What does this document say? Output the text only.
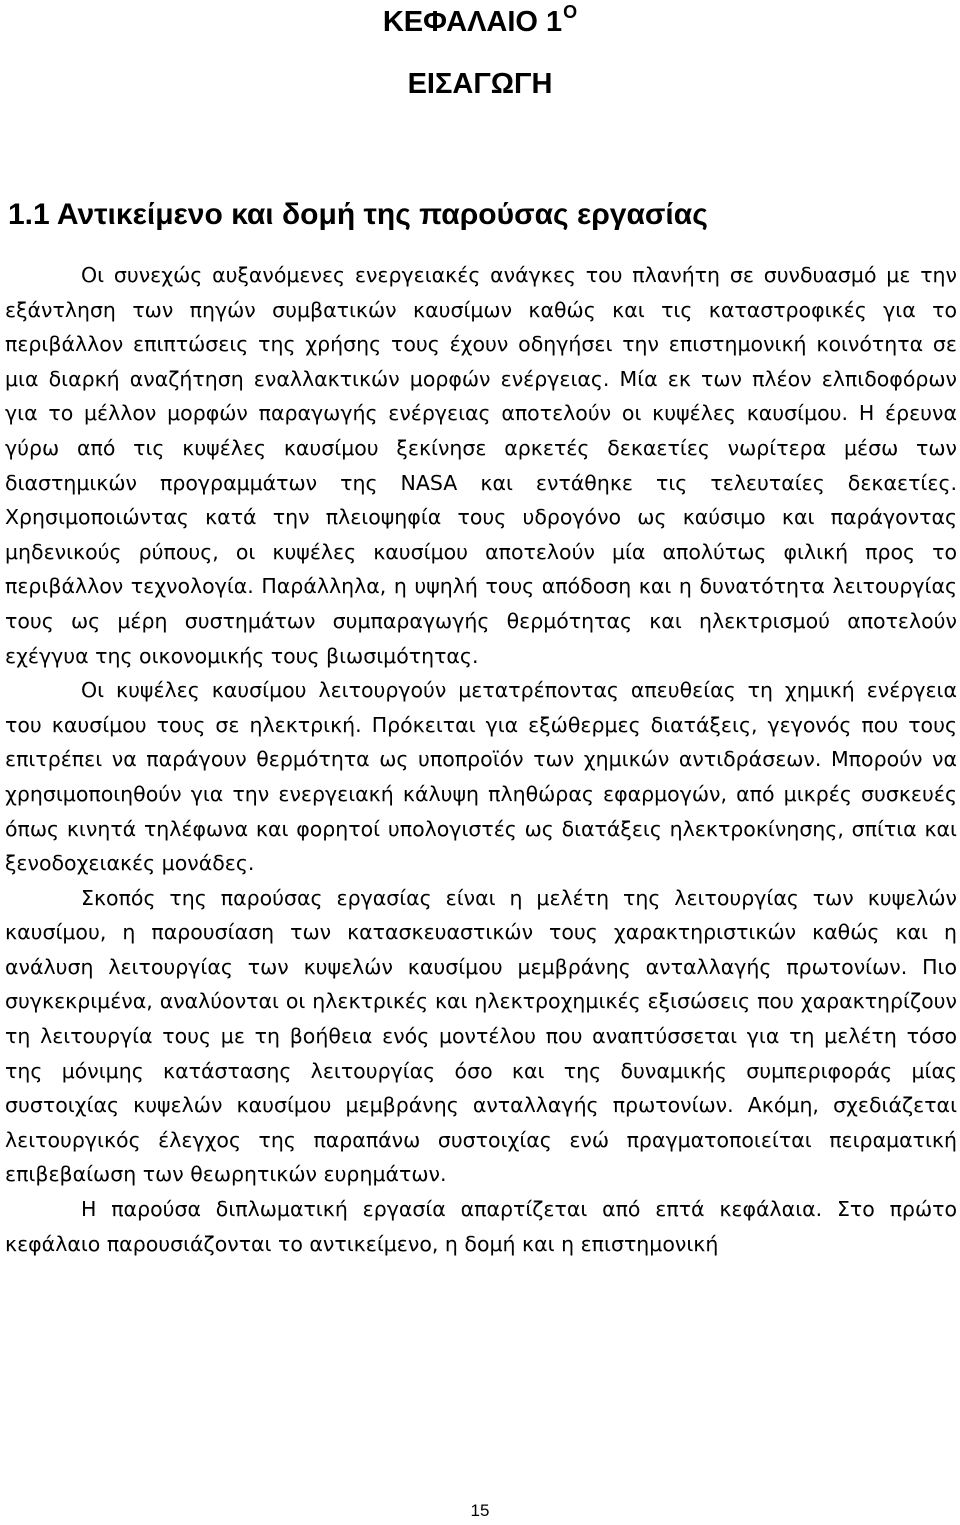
ΚΕΦΑΛΑΙΟ $1^O$
ΕΙΣΑΓΩΓΗ
1.1 Αντικείμενο και δομή της παρούσας εργασίας

Οι συνεχώς αυξανόμενες ενεργειακές ανάγκες του πλανήτη σε συνδυασμό με την εξάντληση των πηγών συμβατικών καυσίμων καθώς και τις καταστροφικές για το περιβάλλον επιπτώσεις της χρήσης τους έχουν οδηγήσει την επιστημονική κοινότητα σε μια διαρκή αναζήτηση εναλλακτικών μορφών ενέργειας. Μία εκ των πλέον ελπιδοφόρων για το μέλλον μορφών παραγωγής ενέργειας αποτελούν οι κυψέλες καυσίμου. Η έρευνα γύρω από τις κυψέλες καυσίμου ξεκίνησε αρκετές δεκαετίες νωρίτερα μέσω των διαστημικών προγραμμάτων της NASA και εντάθηκε τις τελευταίες δεκαετίες. Χρησιμοποιώντας κατά την πλειοψηφία τους υδρογόνο ως καύσιμο και παράγοντας μηδενικούς ρύπους, οι κυψέλες καυσίμου αποτελούν μία απολύτως φιλική προς το περιβάλλον τεχνολογία. Παράλληλα, η υψηλή τους απόδοση και η δυνατότητα λειτουργίας τους ως μέρη συστημάτων συμπαραγωγής θερμότητας και ηλεκτρισμού αποτελούν εχέγγυα της οικονομικής τους βιωσιμότητας.

Οι κυψέλες καυσίμου λειτουργούν μετατρέποντας απευθείας τη χημική ενέργεια του καυσίμου τους σε ηλεκτρική. Πρόκειται για εξώθερμες διατάξεις, γεγονός που τους επιτρέπει να παράγουν θερμότητα ως υποπροϊόν των χημικών αντιδράσεων. Μπορούν να χρησιμοποιηθούν για την ενεργειακή κάλυψη πληθώρας εφαρμογών, από μικρές συσκευές όπως κινητά τηλέφωνα και φορητοί υπολογιστές ως διατάξεις ηλεκτροκίνησης, σπίτια και ξενοδοχειακές μονάδες.

Σκοπός της παρούσας εργασίας είναι η μελέτη της λειτουργίας των κυψελών καυσίμου, η παρουσίαση των κατασκευαστικών τους χαρακτηριστικών καθώς και η ανάλυση λειτουργίας των κυψελών καυσίμου μεμβράνης ανταλλαγής πρωτονίων. Πιο συγκεκριμένα, αναλύονται οι ηλεκτρικές και ηλεκτροχημικές εξισώσεις που χαρακτηρίζουν τη λειτουργία τους με τη βοήθεια ενός μοντέλου που αναπτύσσεται για τη μελέτη τόσο της μόνιμης κατάστασης λειτουργίας όσο και της δυναμικής συμπεριφοράς μίας συστοιχίας κυψελών καυσίμου μεμβράνης ανταλλαγής πρωτονίων. Ακόμη, σχεδιάζεται λειτουργικός έλεγχος της παραπάνω συστοιχίας ενώ πραγματοποιείται πειραματική επιβεβαίωση των θεωρητικών ευρημάτων.

Η παρούσα διπλωματική εργασία απαρτίζεται από επτά κεφάλαια. Στο πρώτο κεφάλαιο παρουσιάζονται το αντικείμενο, η δομή και η επιστημονική

15
